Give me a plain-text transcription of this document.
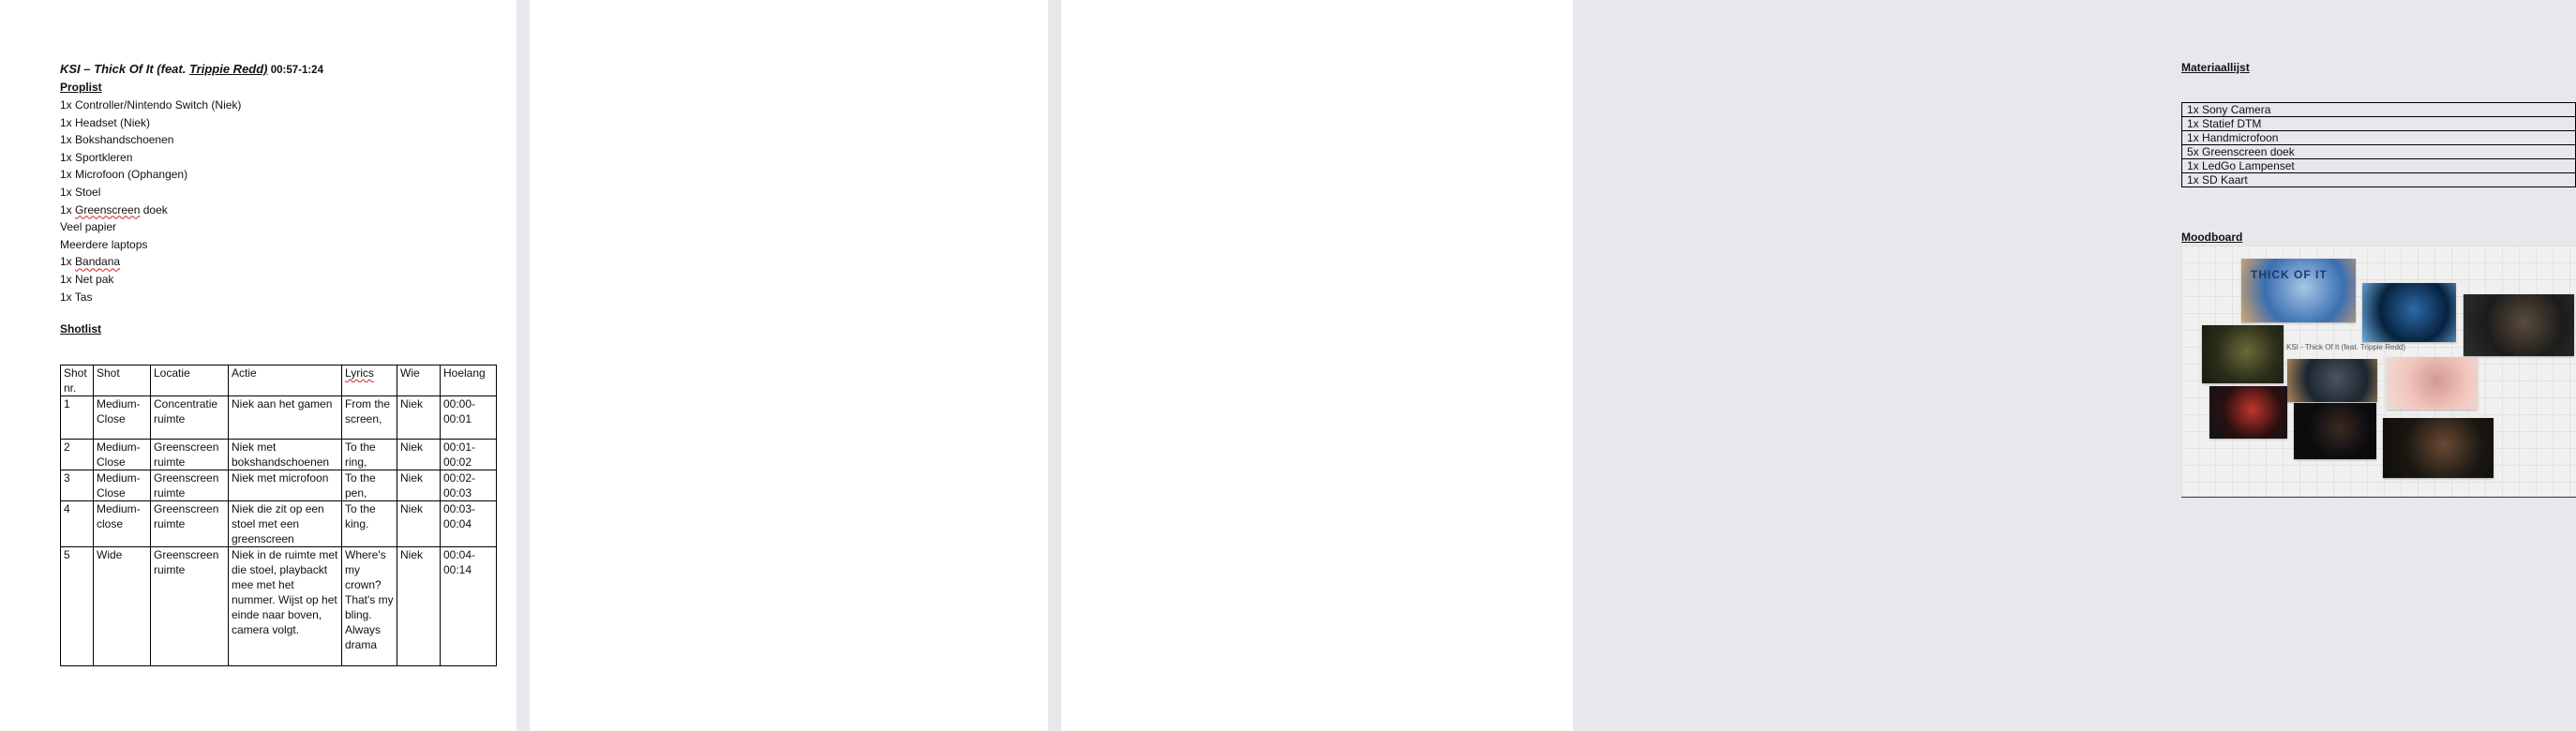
KSI – Thick Of It (feat. Trippie Redd) 00:57-1:24
Proplist
1x Controller/Nintendo Switch (Niek)
1x Headset (Niek)
1x Bokshandschoenen
1x Sportkleren
1x Microfoon (Ophangen)
1x Stoel
1x Greenscreen doek
Veel papier
Meerdere laptops
1x Bandana
1x Net pak
1x Tas
Shotlist
Shot nr.	Shot	Locatie	Actie	Lyrics	Wie	Hoelang
1	Medium-Close	Concentratie ruimte	Niek aan het gamen	From the screen,	Niek	00:00-00:01
2	Medium-Close	Greenscreen ruimte	Niek met bokshandschoenen	To the ring,	Niek	00:01-00:02
3	Medium-Close	Greenscreen ruimte	Niek met microfoon	To the pen,	Niek	00:02-00:03
4	Medium-close	Greenscreen ruimte	Niek die zit op een stoel met een greenscreen	To the king.	Niek	00:03-00:04
5	Wide	Greenscreen ruimte	Niek in de ruimte met die stoel, playbackt mee met het nummer. Wijst op het einde naar boven, camera volgt.	Where's my crown? That's my bling. Always drama	Niek	00:04-00:14

Materiaallijst
1x Sony Camera
1x Statief DTM
1x Handmicrofoon
5x Greenscreen doek
1x LedGo Lampenset
1x SD Kaart
Moodboard
KSI - Thick Of It (feat. Trippie Redd)
THICK OF IT
